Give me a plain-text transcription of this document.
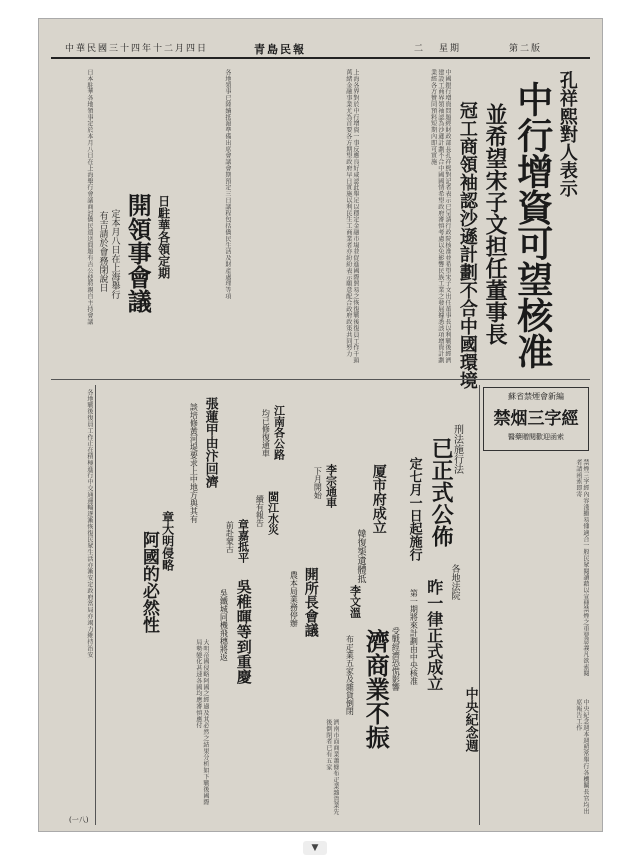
第二版
星期
二
青島民報
中華民國三十四年十二月四日
孔祥熙對人表示
中行增資可望核准
並希望宋子文担任董事長
冠工商領袖認沙遜計劃不合中國環境
中國銀行增資問題經財政部長孔祥熙對記者表示已呈請行政院核准並希望宋子文出任董事長以利戰後經濟建設工商界領袖認為沙遜計劃不合中國國情希望政府審慎考慮以免影響民族工業之發展據悉該項增資計劃業經各方贊同預料短期內即可實施
上海各界對於中行增資一事反應良好咸認此舉足以穩定金融市場並促進國際貿易之恢復戰後復員工作千頭萬緒金融事業尤為首要各方期望政府早日實施以利民生工商業者亦紛紛表示願意配合政府政策共同努力
日駐華各領定期
開領事會議
定本月八日在上海舉行
有吉請於會務閉說日
日本駐華各地領事定於本月八日在上海舉行會議商討僑民遣送問題有吉公使將親自主持會議	各地領事已陸續抵滬準備出席會議會期預定三日議程包括僑民生活及財產處理等項
蘇省禁煙會新編
禁烟三字經
醫藥贈閱歡迎函索
刑法施行法
已正式公佈
定七月一日起施行
厦市府成立
韓復榘遺體抵
李宗通車
下月開始
江南各公路
均已修復通車
張蓮甲由汴回濟
談培修黃河堤要求上中地方與其有	閩江水災
續有報告
章嘉抵平
前赴蒙古
章大明侵略
阿國的必然性	吳稚暉等到重慶
吳鐵城同機飛穗將返	開所長會議
農本局業務停辦	李文溫
各地法院
昨一律正式成立
第一期將來計劃由中央核准
受戰經濟恐慌影響
濟商業不振
布疋業五家及雜貨倒閉
中央紀念週
各地戰後復員工作正在積極進行中交通運輸逐漸恢復民眾生活亦漸安定政府當局亦竭力維持治安	禁煙三字經內容淺顯易懂適合一般民眾閱讀藉以宣傳禁煙之重要意義凡欲索閱者請函索即寄
中央紀念週本週照常舉行各機關長官均出席報告工作
大明帝國侵略阿國之經過及其必然之結果分析如下戰後國際局勢變化甚速各國均應審慎應付
濟南市面商業蕭條布疋業雜貨業先後倒閉者已有五家
(一八)
▼
